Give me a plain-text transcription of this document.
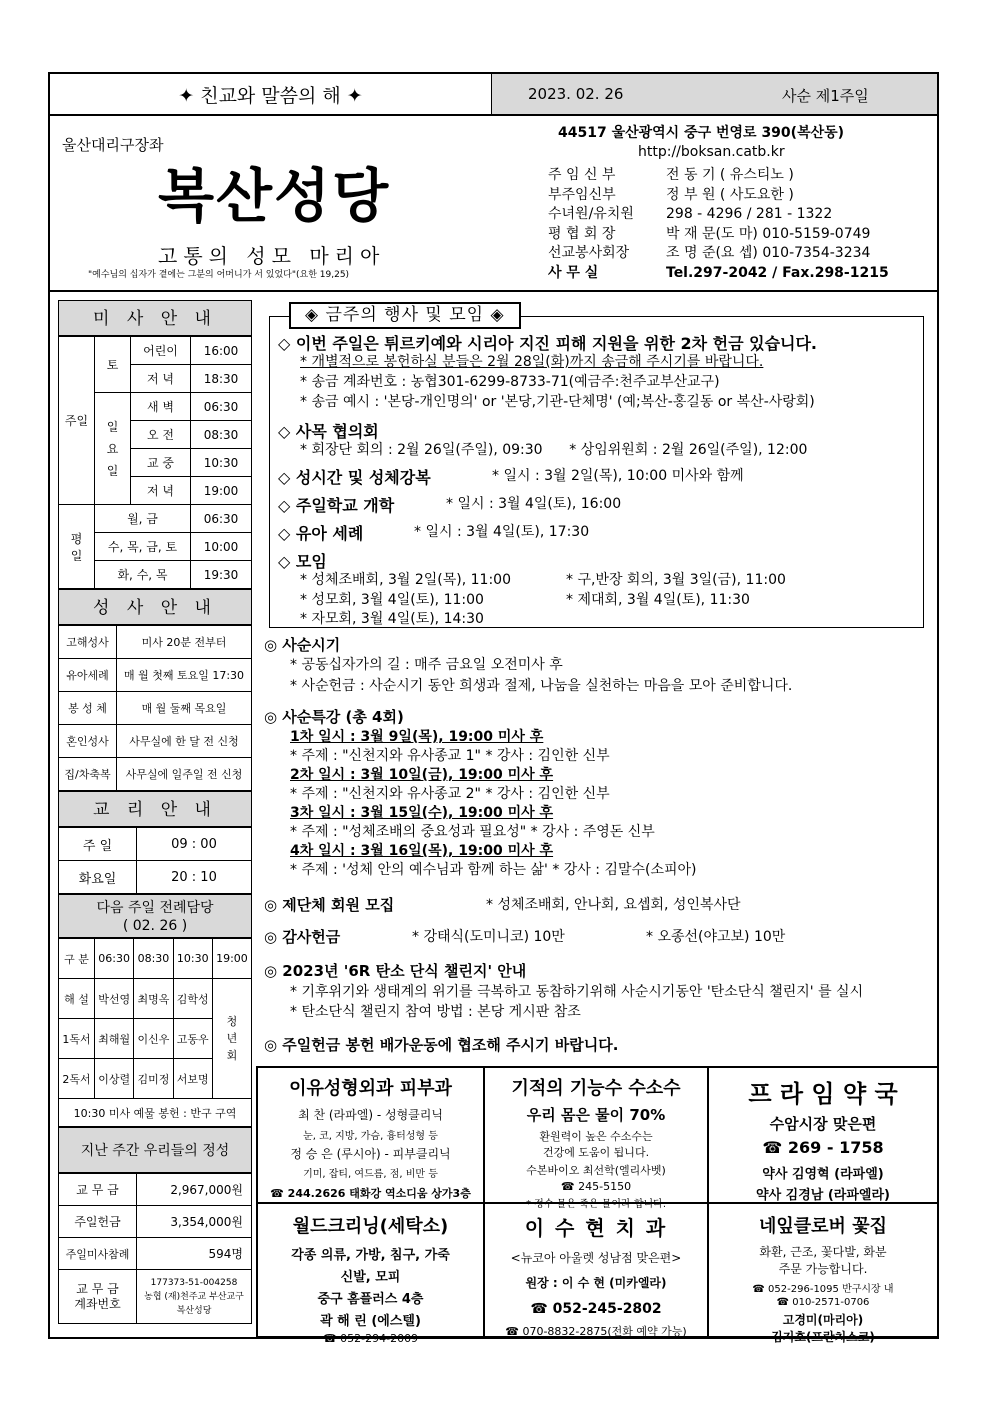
✦ 친교와 말씀의 해 ✦	2023. 02. 26	사순 제1주일
울산대리구장좌
복산성당
고통의 성모 마리아
"예수님의 십자가 곁에는 그분의 어머니가 서 있었다"(요한 19,25)
44517 울산광역시 중구 번영로 390(복산동)
http://boksan.catb.kr
주 임 신 부	전 동 기 ( 유스티노 )
부주임신부	정 부 원 ( 사도요한 )
수녀원/유치원 298 - 4296 / 281 - 1322
평 협 회 장	박 재 문(도 마) 010-5159-0749
선교봉사회장	조 명 준(요 셉) 010-7354-3234
사 무 실	Tel.297-2042 / Fax.298-1215
미 사 안 내
주일	토	어린이	16:00
		저 녁	18:30
	일요일	새 벽	06:30
		오 전	08:30
		교 중	10:30
		저 녁	19:00
평일	월, 금		06:30
	수, 목, 금, 토		10:00
	화, 수, 목		19:30
성 사 안 내
고해성사	미사 20분 전부터
유아세례	매 월 첫째 토요일 17:30
봉 성 체	매 월 둘째 목요일
혼인성사	사무실에 한 달 전 신청
집/차축복	사무실에 일주일 전 신청
교 리 안 내
주 일	09 : 00
화요일	20 : 10
다음 주일 전례담당
( 02. 26 )
구 분	06:30	08:30	10:30	19:00
해 설	박선영	최명옥	김학성	청
년
회
1독서	최해월	이신우	고동우	
2독서	이상렬	김미정	서보명	
10:30 미사 예물 봉헌 : 반구 구역				
지난 주간 우리들의 정성
교 무 금	2,967,000원
주일헌금	3,354,000원
주일미사참례	594명
교 무 금
계좌번호	177373-51-004258
농협 (재)천주교 부산교구
복산성당
◇ 이번 주일은 튀르키예와 시리아 지진 피해 지원을 위한 2차 헌금 있습니다.
* 개별적으로 봉헌하실 분들은 2월 28일(화)까지 송금해 주시기를 바랍니다.
* 송금 계좌번호 : 농협301-6299-8733-71(예금주:천주교부산교구)
* 송금 예시 : '본당-개인명의' or '본당,기관-단체명' (예;복산-홍길동 or 복산-사랑회)
◇ 사목 협의회
* 회장단 회의 : 2월 26일(주일), 09:30      * 상임위원회 : 2월 26일(주일), 12:00
◇ 성시간 및 성체강복	* 일시 : 3월 2일(목), 10:00 미사와 함께
◇ 주일학교 개학	* 일시 : 3월 4일(토), 16:00
◇ 유아 세례	* 일시 : 3월 4일(토), 17:30
◇ 모임
* 성체조배회, 3월 2일(목), 11:00	* 구,반장 회의, 3월 3일(금), 11:00
* 성모회, 3월 4일(토), 11:00	* 제대회, 3월 4일(토), 11:30
* 자모회, 3월 4일(토), 14:30
◈ 금주의 행사 및 모임 ◈
◎ 사순시기
* 공동십자가의 길 : 매주 금요일 오전미사 후
* 사순헌금 : 사순시기 동안 희생과 절제, 나눔을 실천하는 마음을 모아 준비합니다.
◎ 사순특강 (총 4회)
1차 일시 : 3월 9일(목), 19:00 미사 후
* 주제 : "신천지와 유사종교 1" * 강사 : 김인한 신부
2차 일시 : 3월 10일(금), 19:00 미사 후
* 주제 : "신천지와 유사종교 2" * 강사 : 김인한 신부
3차 일시 : 3월 15일(수), 19:00 미사 후
* 주제 : "성체조배의 중요성과 필요성" * 강사 : 주영돈 신부
4차 일시 : 3월 16일(목), 19:00 미사 후
* 주제 : '성체 안의 예수님과 함께 하는 삶' * 강사 : 김말수(소피아)
◎ 제단체 회원 모집	* 성체조배회, 안나회, 요셉회, 성인복사단
◎ 감사헌금	* 강태식(도미니코) 10만	* 오종선(야고보) 10만
◎ 2023년 '6R 탄소 단식 챌린지' 안내
* 기후위기와 생태계의 위기를 극복하고 동참하기위해 사순시기동안 '탄소단식 챌린지' 를 실시
* 탄소단식 챌린지 참여 방법 : 본당 게시판 참조
◎ 주일헌금 봉헌 배가운동에 협조해 주시기 바랍니다.
이유성형외과 피부과
최 찬 (라파엘) - 성형클리닉
눈, 코, 지방, 가슴, 흉터성형 등
정 승 은 (루시아) - 피부클리닉
기미, 잡티, 여드름, 점, 비만 등
☎ 244.2626 태화강 역소디움 상가3층
기적의 기능수 수소수
우리 몸은 물이 70%
환원력이 높은 수소수는
건강에 도움이 됩니다.
수본바이오 최선학(엘리사벳)
☎ 245-5150
* 정수 물은 죽은 물이라 합니다.
프 라 임 약 국
수암시장 맞은편
☎ 269 - 1758
약사 김영혁 (라파엘)
약사 김경남 (라파엘라)
월드크리닝(세탁소)
각종 의류, 가방, 침구, 가죽
신발, 모피
중구 홈플러스 4층
곽 해 린 (에스텔)
☎ 052-294-2009
이 수 현 치 과
<뉴코아 아울렛 성남점 맞은편>
원장 : 이 수 현 (미카엘라)
☎ 052-245-2802
☎ 070-8832-2875(전화 예약 가능)
네잎클로버 꽃집
화환, 근조, 꽃다발, 화분
주문 가능합니다.
☎ 052-296-1095 반구시장 내
☎ 010-2571-0706
고경미(마리아)
김지호(프란치스코)
